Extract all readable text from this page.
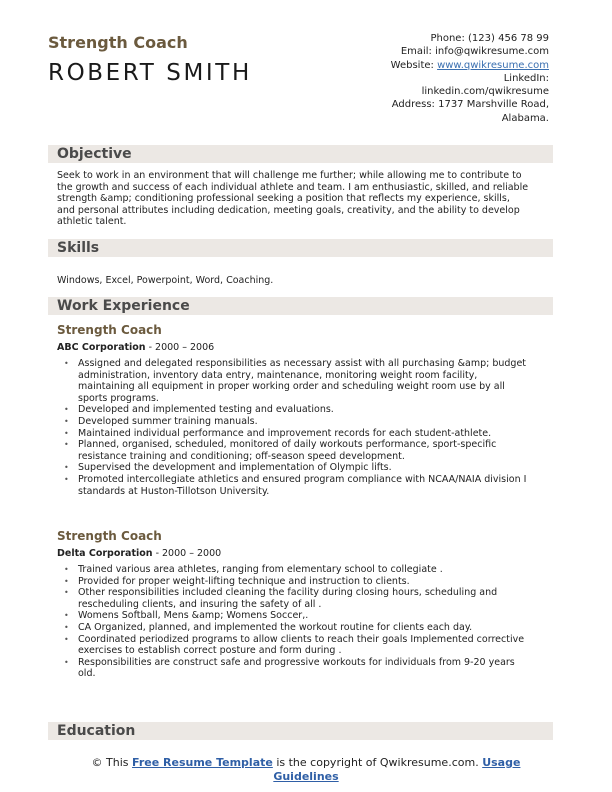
Strength Coach
ROBERT SMITH
Phone: (123) 456 78 99
Email: info@qwikresume.com
Website: www.qwikresume.com
LinkedIn:
linkedin.com/qwikresume
Address: 1737 Marshville Road,
Alabama.
Objective
Seek to work in an environment that will challenge me further; while allowing me to contribute to
the growth and success of each individual athlete and team. I am enthusiastic, skilled, and reliable
strength &amp; conditioning professional seeking a position that reflects my experience, skills,
and personal attributes including dedication, meeting goals, creativity, and the ability to develop
athletic talent.
Skills
Windows, Excel, Powerpoint, Word, Coaching.
Work Experience
Strength Coach
ABC Corporation - 2000 – 2006
• Assigned and delegated responsibilities as necessary assist with all purchasing &amp; budget
administration, inventory data entry, maintenance, monitoring weight room facility,
maintaining all equipment in proper working order and scheduling weight room use by all
sports programs.
• Developed and implemented testing and evaluations.
• Developed summer training manuals.
• Maintained individual performance and improvement records for each student-athlete.
• Planned, organised, scheduled, monitored of daily workouts performance, sport-specific
resistance training and conditioning; off-season speed development.
• Supervised the development and implementation of Olympic lifts.
• Promoted intercollegiate athletics and ensured program compliance with NCAA/NAIA division I
standards at Huston-Tillotson University.
Strength Coach
Delta Corporation - 2000 – 2000
• Trained various area athletes, ranging from elementary school to collegiate .
• Provided for proper weight-lifting technique and instruction to clients.
• Other responsibilities included cleaning the facility during closing hours, scheduling and
rescheduling clients, and insuring the safety of all .
• Womens Softball, Mens &amp; Womens Soccer,.
• CA Organized, planned, and implemented the workout routine for clients each day.
• Coordinated periodized programs to allow clients to reach their goals Implemented corrective
exercises to establish correct posture and form during .
• Responsibilities are construct safe and progressive workouts for individuals from 9-20 years
old.
Education
© This Free Resume Template is the copyright of Qwikresume.com. Usage
Guidelines
